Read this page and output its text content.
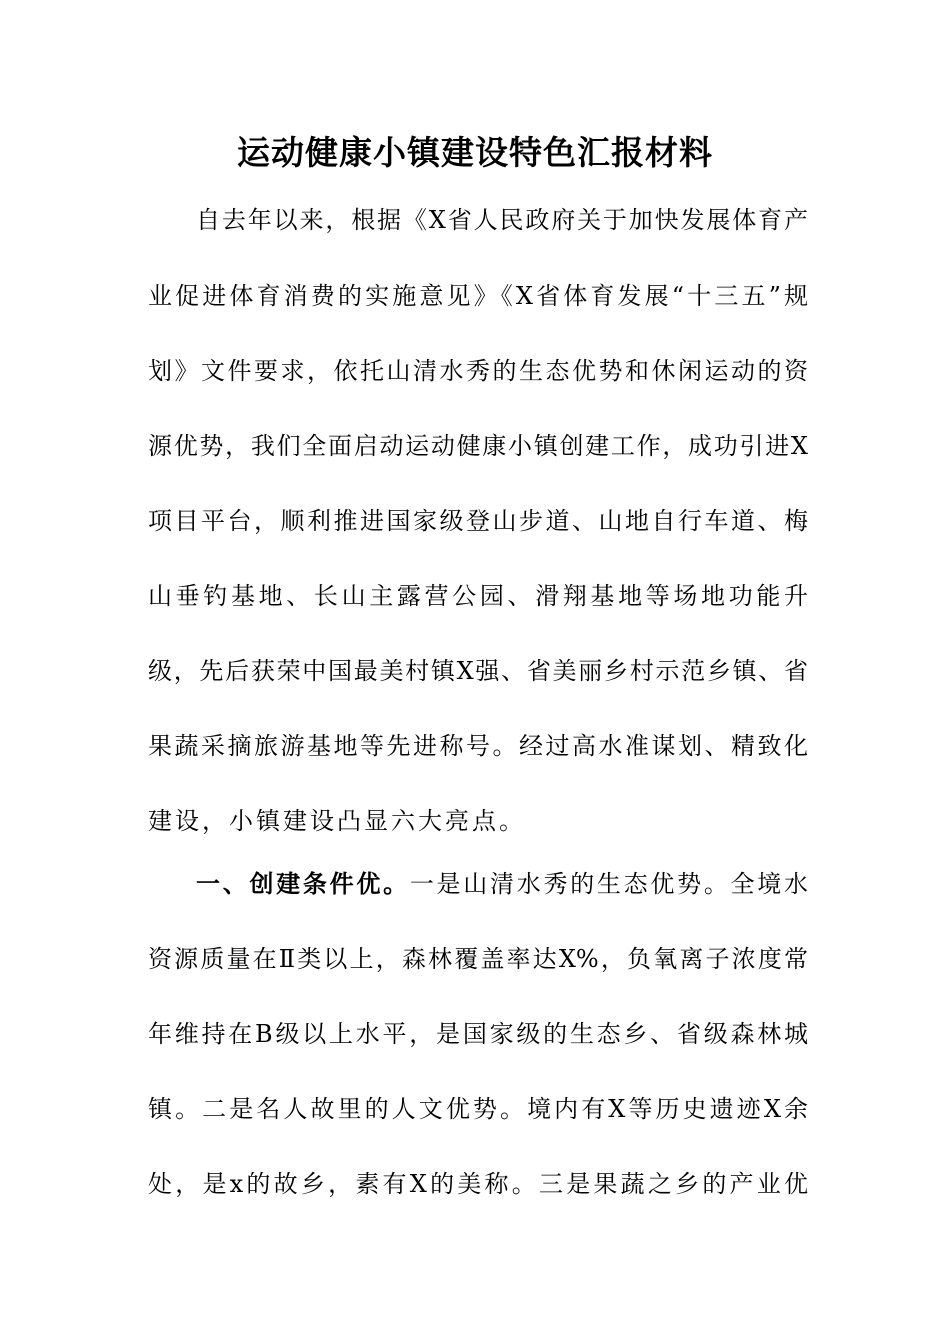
运动健康小镇建设特色汇报材料
自去年以来，根据《X省人民政府关于加快发展体育产
业促进体育消费的实施意见》《X省体育发展“十三五”规
划》文件要求，依托山清水秀的生态优势和休闲运动的资
源优势，我们全面启动运动健康小镇创建工作，成功引进X
项目平台，顺利推进国家级登山步道、山地自行车道、梅
山垂钓基地、长山主露营公园、滑翔基地等场地功能升
级，先后获荣中国最美村镇X强、省美丽乡村示范乡镇、省
果蔬采摘旅游基地等先进称号。经过高水准谋划、精致化
建设，小镇建设凸显六大亮点。
一、创建条件优。一是山清水秀的生态优势。全境水
资源质量在Ⅱ类以上，森林覆盖率达X%，负氧离子浓度常
年维持在B级以上水平，是国家级的生态乡、省级森林城
镇。二是名人故里的人文优势。境内有X等历史遗迹X余
处，是x的故乡，素有X的美称。三是果蔬之乡的产业优
